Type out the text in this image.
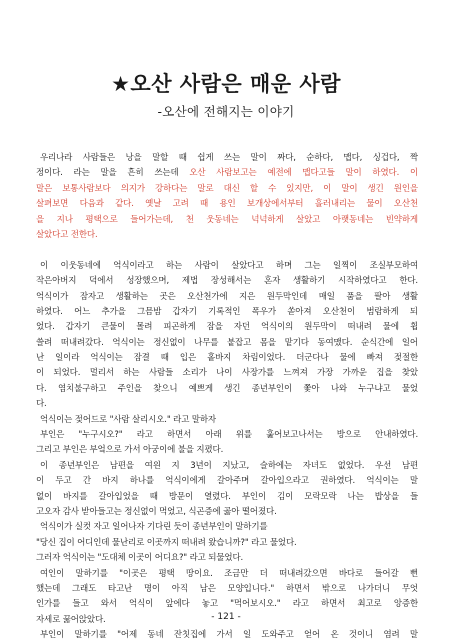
★오산 사람은 매운 사람
-오산에 전해지는 이야기
우리나라 사람들은 낭을 말할 때 쉽게 쓰는 말이 짜다, 순하다, 맵다, 싱겁다, 짝
정이다. 라는 말을 흔히 쓰는데 오산 사람보고는 예전에 맵다고들 말이 하였다. 이
말은 보통사람보다 의지가 강하다는 말로 대신 할 수 있지만, 이 말이 생긴 원인을
살펴보면 다음과 같다. 옛날 고려 때 용인 보개상에서부터 흘러내리는 물이 오산천
을 지나 평택으로 들어가는데, 천 웃동네는 넉넉하게 살았고 아랫동네는 빈약하게
살았다고 전한다.
이 이웃동네에 억식이라고 하는 사람이 살았다고 하며 그는 일찍이 조실부모하여
작은아버지 덕에서 성장했으며, 제법 장성해서는 혼자 생활하기 시작하였다고 한다.
억식이가 잠자고 생활하는 곳은 오산천가에 지은 원두막인데 매일 품을 팔아 생활
하였다. 어느 추가을 그믐밤 갑자기 기록적인 폭우가 쏟아져 오산천이 범람하게 되
었다. 갑자기 큰물이 몰려 피곤하게 잠을 자던 억식이의 원두막이 떠내려 물에 휩
쓸려 떠내려갔다. 억식이는 정신없이 나무를 붙잡고 몸을 맡기다 동여맸다. 순식간에 일어
난 일이라 억식이는 잠결 때 입은 홑바지 차림이었다. 더군다나 물에 빠져 젖절한
이 되었다. 멀리서 하는 사람들 소리가 나이 사장가를 느껴져 가장 가까운 집을 찾았
다. 염치불구하고 주인을 찾으니 예쁘게 생긴 종년부인이 쫓아 나와 누구냐고 물었
다.
억식이는 젖어드로 "사람 살리시오." 라고 말하자
부인은 "누구시오?" 라고 하면서 아래 위를 훑어보고나서는 방으로 안내하였다.
그리고 부인은 부엌으로 가서 아궁이에 불을 지폈다.
이 종년부인은 남편을 여읜 지 3년이 지났고, 슬하에는 자녀도 없었다. 우선 남편
이 두고 간 바지 하나를 억식이에게 갈아주며 갈아입으라고 권하였다. 억식이는 말
없이 바지를 갈아입었을 때 방문이 열렸다. 부인이 김이 모락모락 나는 밥상을 들
고오자 감사 받아들고는 정신없이 먹었고, 식곤증에 곯아 떨어졌다.
억식이가 실컷 자고 일어나자 기다린 듯이 종년부인이 말하기를
"당신 집이 어디인데 물난리로 이곳까지 떠내려 왔습니까?" 라고 물었다.
그러자 억식이는 "도대체 이곳이 어디요?" 라고 되물었다.
여인이 말하기를 "이곳은 평택 땅이요. 조금만 더 떠내려갔으면 바다로 들어갈 뻔
했는데 그래도 타고난 명이 아직 남은 모양입니다." 하면서 밖으로 나가더니 무엇
인가를 들고 와서 억식이 앞에다 놓고 "먹어보시오." 라고 하면서 최고로 앙증한
자세로 꿇어앉았다.
부인이 말하기를 "어제 동네 잔칫집에 가서 일 도와주고 얻어 온 것이니 염려 말
- 121 -
